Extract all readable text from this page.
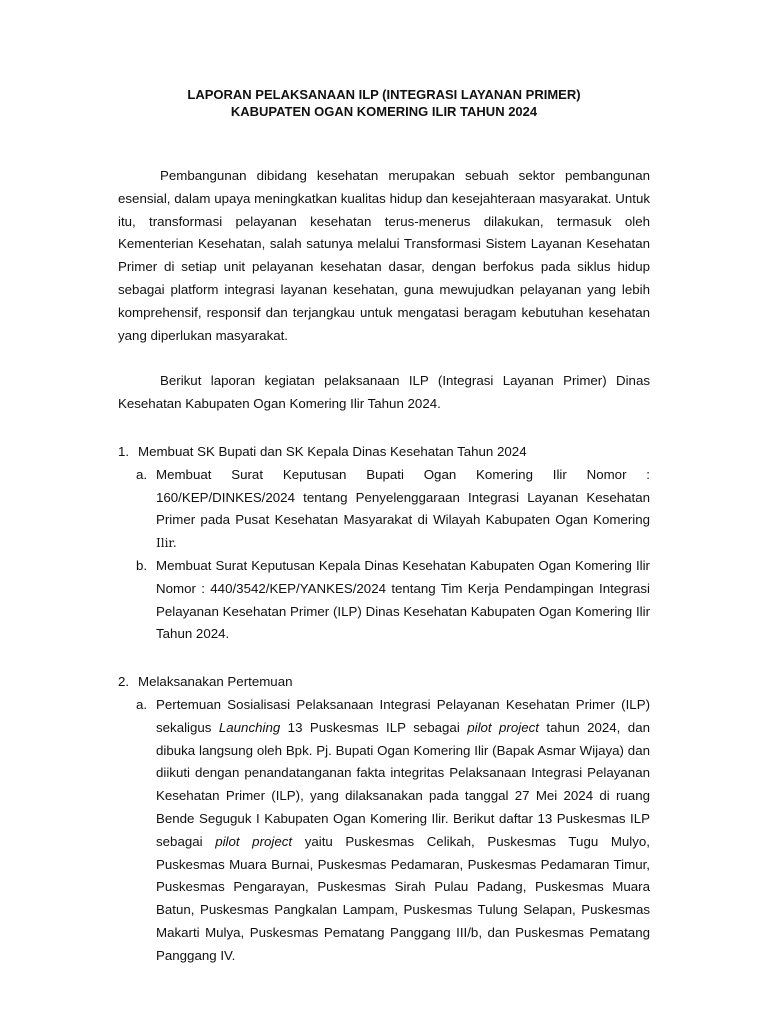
LAPORAN PELAKSANAAN ILP (INTEGRASI LAYANAN PRIMER)
KABUPATEN OGAN KOMERING ILIR TAHUN 2024

Pembangunan dibidang kesehatan merupakan sebuah sektor pembangunan esensial, dalam upaya meningkatkan kualitas hidup dan kesejahteraan masyarakat. Untuk itu, transformasi pelayanan kesehatan terus-menerus dilakukan, termasuk oleh Kementerian Kesehatan, salah satunya melalui Transformasi Sistem Layanan Kesehatan Primer di setiap unit pelayanan kesehatan dasar, dengan berfokus pada siklus hidup sebagai platform integrasi layanan kesehatan, guna mewujudkan pelayanan yang lebih komprehensif, responsif dan terjangkau untuk mengatasi beragam kebutuhan kesehatan yang diperlukan masyarakat.

Berikut laporan kegiatan pelaksanaan ILP (Integrasi Layanan Primer) Dinas Kesehatan Kabupaten Ogan Komering Ilir Tahun 2024.

1. Membuat SK Bupati dan SK Kepala Dinas Kesehatan Tahun 2024
a. Membuat Surat Keputusan Bupati Ogan Komering Ilir Nomor : 160/KEP/DINKES/2024 tentang Penyelenggaraan Integrasi Layanan Kesehatan Primer pada Pusat Kesehatan Masyarakat di Wilayah Kabupaten Ogan Komering Ilir.
b. Membuat Surat Keputusan Kepala Dinas Kesehatan Kabupaten Ogan Komering Ilir Nomor : 440/3542/KEP/YANKES/2024 tentang Tim Kerja Pendampingan Integrasi Pelayanan Kesehatan Primer (ILP) Dinas Kesehatan Kabupaten Ogan Komering Ilir Tahun 2024.
2. Melaksanakan Pertemuan
a. Pertemuan Sosialisasi Pelaksanaan Integrasi Pelayanan Kesehatan Primer (ILP) sekaligus Launching 13 Puskesmas ILP sebagai pilot project tahun 2024, dan dibuka langsung oleh Bpk. Pj. Bupati Ogan Komering Ilir (Bapak Asmar Wijaya) dan diikuti dengan penandatanganan fakta integritas Pelaksanaan Integrasi Pelayanan Kesehatan Primer (ILP), yang dilaksanakan pada tanggal 27 Mei 2024 di ruang Bende Seguguk I Kabupaten Ogan Komering Ilir. Berikut daftar 13 Puskesmas ILP sebagai pilot project yaitu Puskesmas Celikah, Puskesmas Tugu Mulyo, Puskesmas Muara Burnai, Puskesmas Pedamaran, Puskesmas Pedamaran Timur, Puskesmas Pengarayan, Puskesmas Sirah Pulau Padang, Puskesmas Muara Batun, Puskesmas Pangkalan Lampam, Puskesmas Tulung Selapan, Puskesmas Makarti Mulya, Puskesmas Pematang Panggang III/b, dan Puskesmas Pematang Panggang IV.
